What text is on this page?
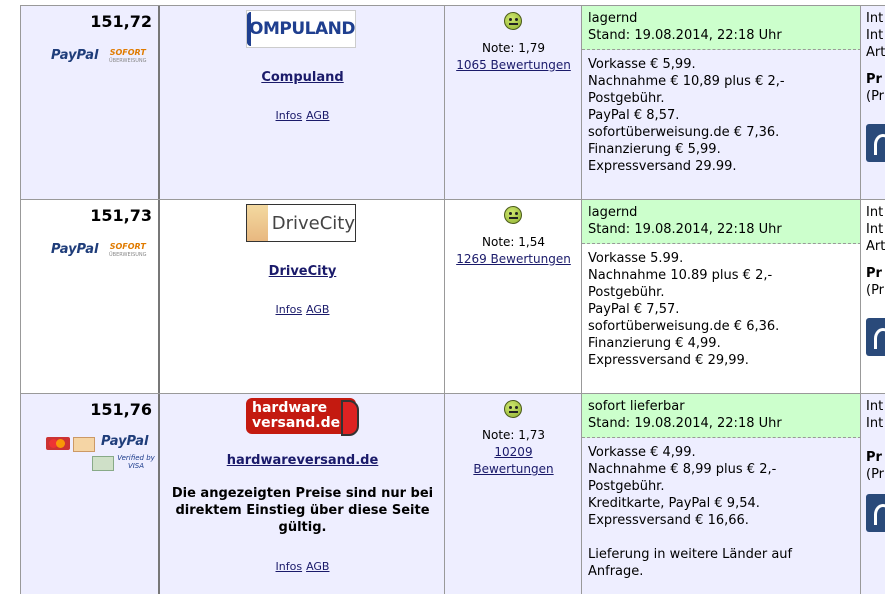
151,72
PayPal SOFORT
ÜBERWEISUNG
OMPULAND
Compuland
Infos AGB
Note: 1,79
1065 Bewertungen
lagernd
Stand: 19.08.2014, 22:18 Uhr
Vorkasse € 5,99.
Nachnahme € 10,89 plus € 2,-
Postgebühr.
PayPal € 8,57.
sofortüberweisung.de € 7,36.
Finanzierung € 5,99.
Expressversand 29.99.
Int
Int
Art
Pr
(Pr
151,73
PayPal SOFORT
ÜBERWEISUNG
DriveCity
DriveCity
Infos AGB
Note: 1,54
1269 Bewertungen
lagernd
Stand: 19.08.2014, 22:18 Uhr
Vorkasse 5.99.
Nachnahme 10.89 plus € 2,-
Postgebühr.
PayPal € 7,57.
sofortüberweisung.de € 6,36.
Finanzierung € 4,99.
Expressversand € 29,99.
Int
Int
Art
Pr
(Pr
151,76
PayPal
Verified by VISA
hardware
versand.de
hardwareversand.de
Die angezeigten Preise sind nur bei direktem Einstieg über diese Seite gültig.
Infos AGB
Note: 1,73
10209
Bewertungen
sofort lieferbar
Stand: 19.08.2014, 22:18 Uhr
Vorkasse € 4,99.
Nachnahme € 8,99 plus € 2,-
Postgebühr.
Kreditkarte, PayPal € 9,54.
Expressversand € 16,66.
Lieferung in weitere Länder auf
Anfrage.
Int
Int
Pr
(Pr
